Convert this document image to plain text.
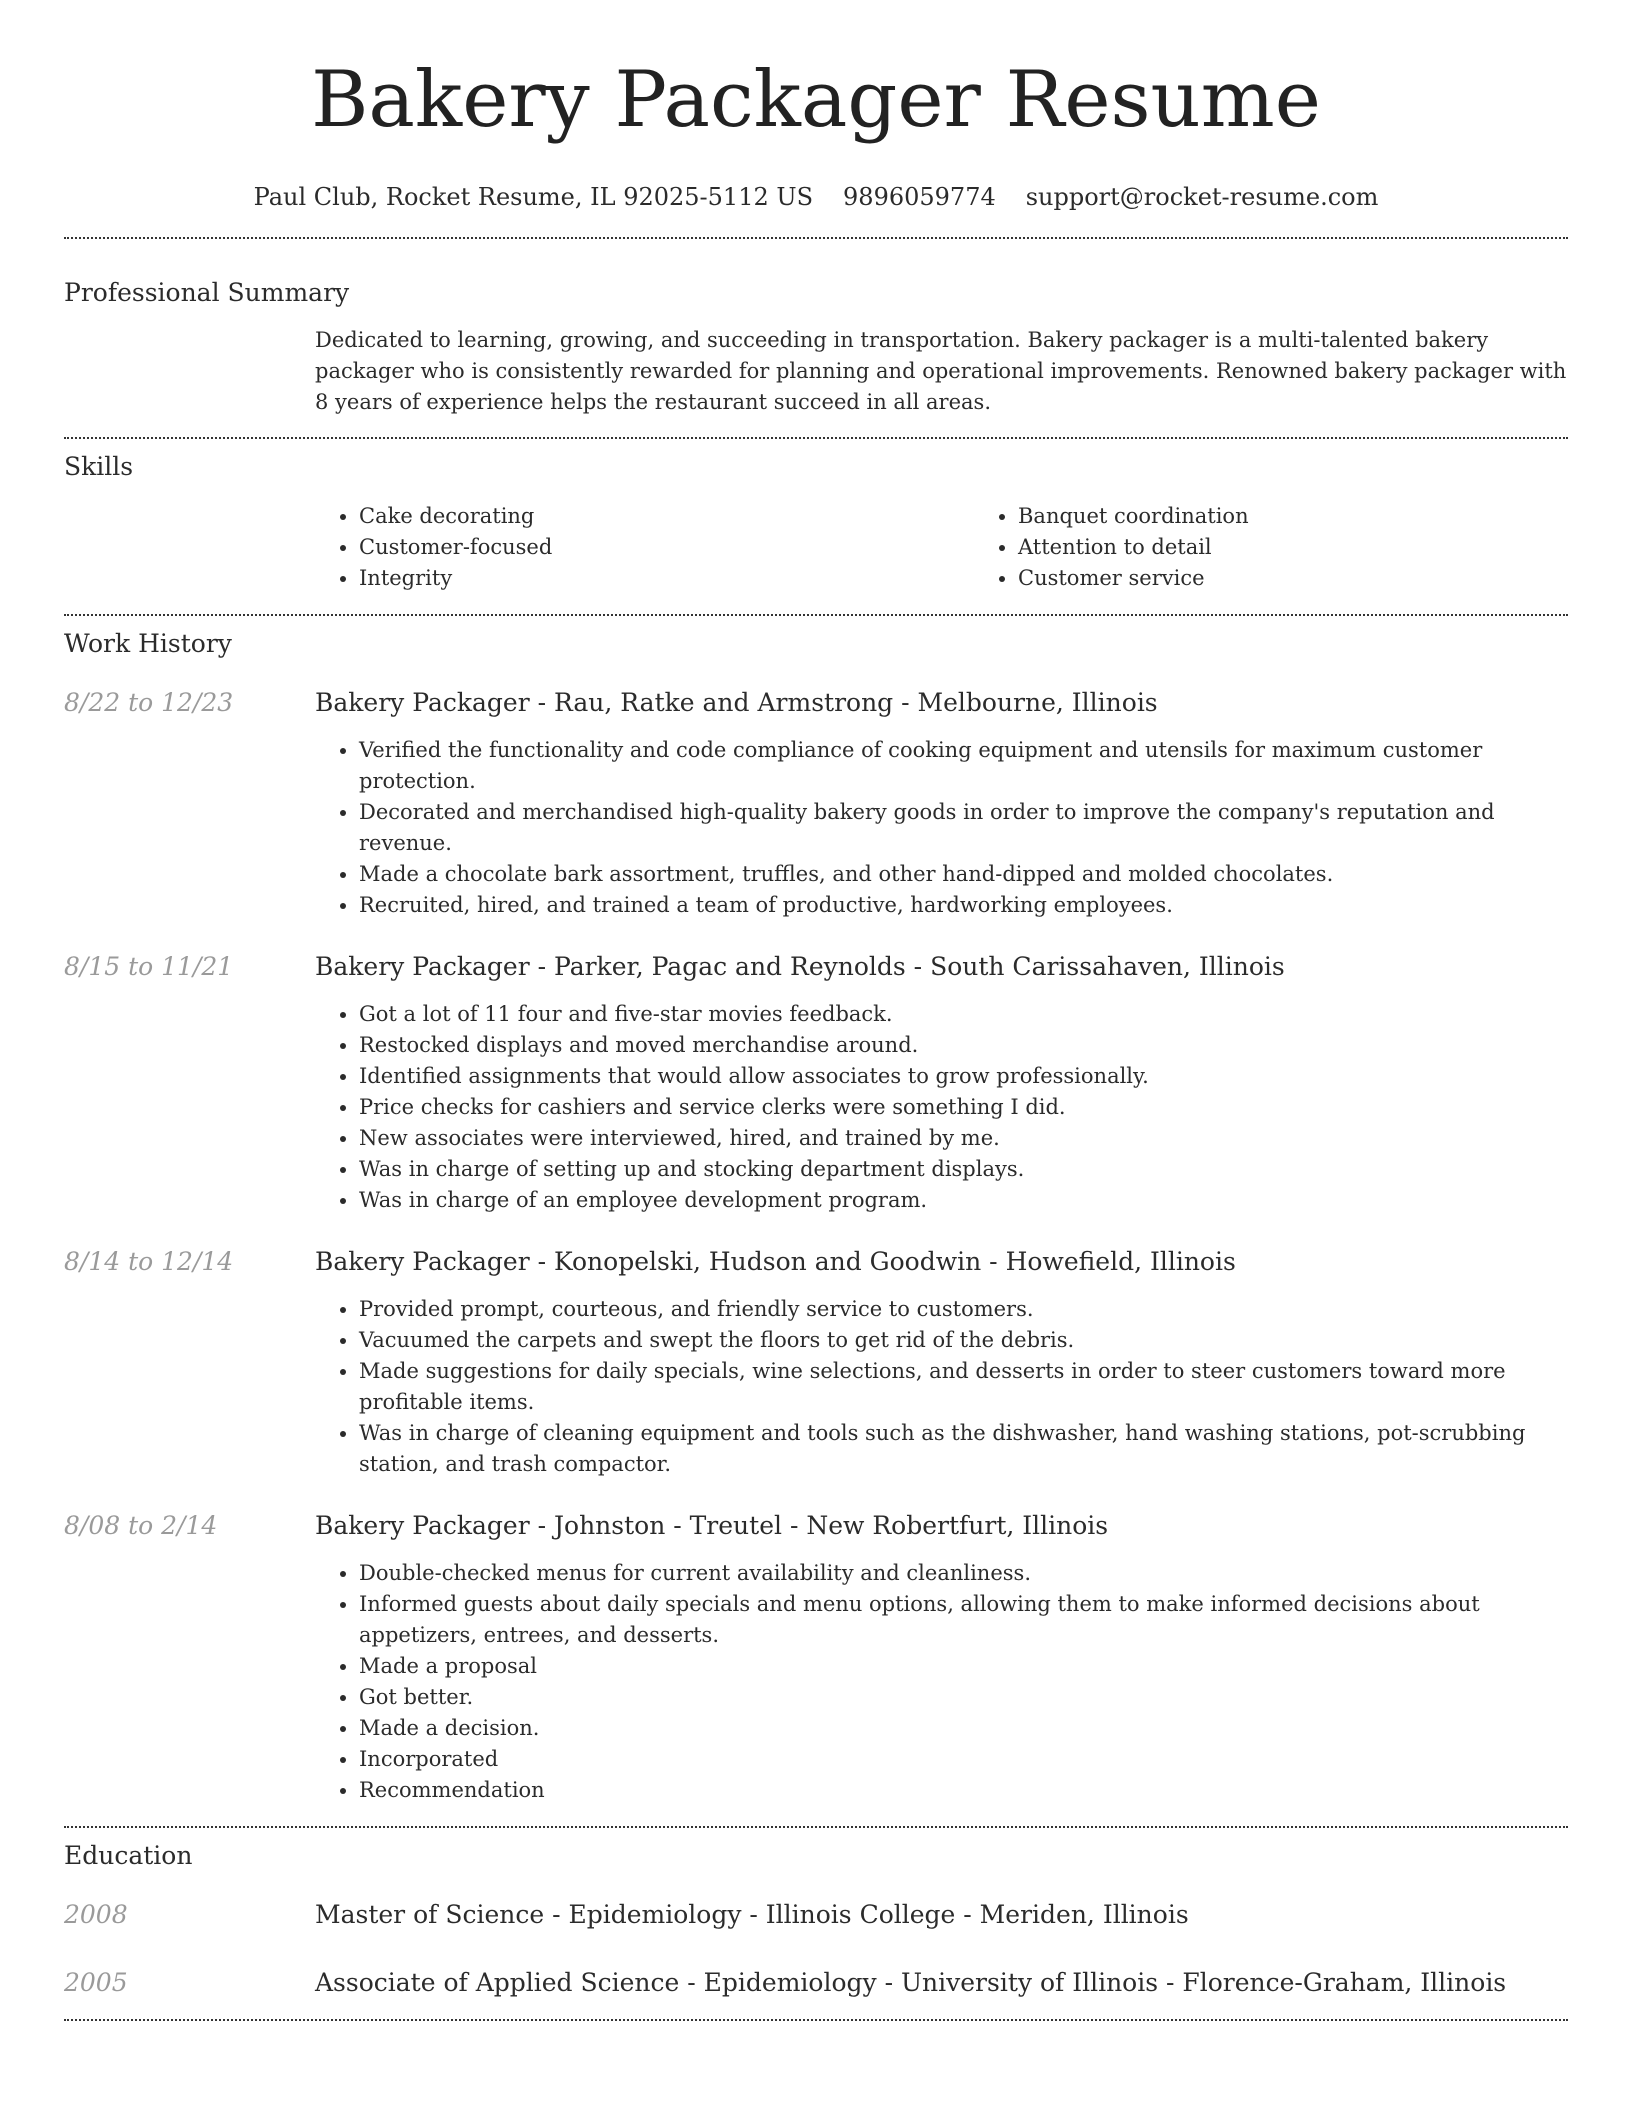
Bakery Packager Resume
Paul Club, Rocket Resume, IL 92025-5112 US 9896059774 support@rocket-resume.com
Professional Summary

Dedicated to learning, growing, and succeeding in transportation. Bakery packager is a multi-talented bakery packager who is consistently rewarded for planning and operational improvements. Renowned bakery packager with 8 years of experience helps the restaurant succeed in all areas.

Skills
• Cake decorating
• Customer-focused
• Integrity
• Banquet coordination
• Attention to detail
• Customer service
Work History
8/22 to 12/23	Bakery Packager - Rau, Ratke and Armstrong - Melbourne, Illinois
• Verified the functionality and code compliance of cooking equipment and utensils for maximum customer protection.
• Decorated and merchandised high-quality bakery goods in order to improve the company's reputation and revenue.
• Made a chocolate bark assortment, truffles, and other hand-dipped and molded chocolates.
• Recruited, hired, and trained a team of productive, hardworking employees.
8/15 to 11/21	Bakery Packager - Parker, Pagac and Reynolds - South Carissahaven, Illinois
• Got a lot of 11 four and five-star movies feedback.
• Restocked displays and moved merchandise around.
• Identified assignments that would allow associates to grow professionally.
• Price checks for cashiers and service clerks were something I did.
• New associates were interviewed, hired, and trained by me.
• Was in charge of setting up and stocking department displays.
• Was in charge of an employee development program.
8/14 to 12/14	Bakery Packager - Konopelski, Hudson and Goodwin - Howefield, Illinois
• Provided prompt, courteous, and friendly service to customers.
• Vacuumed the carpets and swept the floors to get rid of the debris.
• Made suggestions for daily specials, wine selections, and desserts in order to steer customers toward more profitable items.
• Was in charge of cleaning equipment and tools such as the dishwasher, hand washing stations, pot-scrubbing station, and trash compactor.
8/08 to 2/14	Bakery Packager - Johnston - Treutel - New Robertfurt, Illinois
• Double-checked menus for current availability and cleanliness.
• Informed guests about daily specials and menu options, allowing them to make informed decisions about appetizers, entrees, and desserts.
• Made a proposal
• Got better.
• Made a decision.
• Incorporated
• Recommendation
Education
2008	Master of Science - Epidemiology - Illinois College - Meriden, Illinois
2005	Associate of Applied Science - Epidemiology - University of Illinois - Florence-Graham, Illinois
